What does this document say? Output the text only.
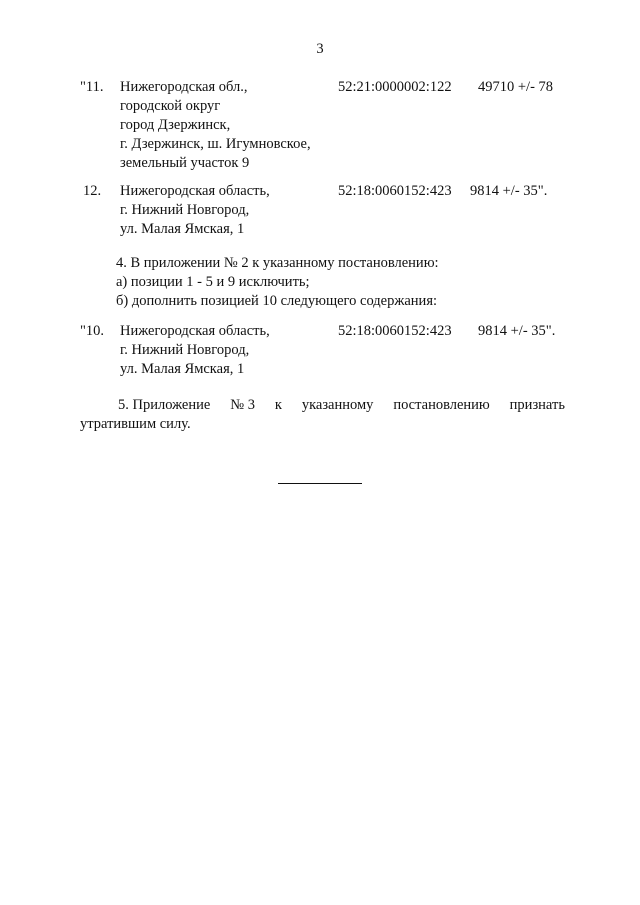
3
"11. Нижегородская обл.,
городской округ
город Дзержинск,
г. Дзержинск, ш. Игумновское,
земельный участок 9
52:21:0000002:122 49710 +/- 78
12. Нижегородская область,
г. Нижний Новгород,
ул. Малая Ямская, 1
52:18:0060152:423 9814 +/- 35".
4. В приложении № 2 к указанному постановлению:
а) позиции 1 - 5 и 9 исключить;
б) дополнить позицией 10 следующего содержания:
"10. Нижегородская область,
г. Нижний Новгород,
ул. Малая Ямская, 1
52:18:0060152:423 9814 +/- 35".
5. Приложение № 3 к указанному постановлению признать
утратившим силу.
